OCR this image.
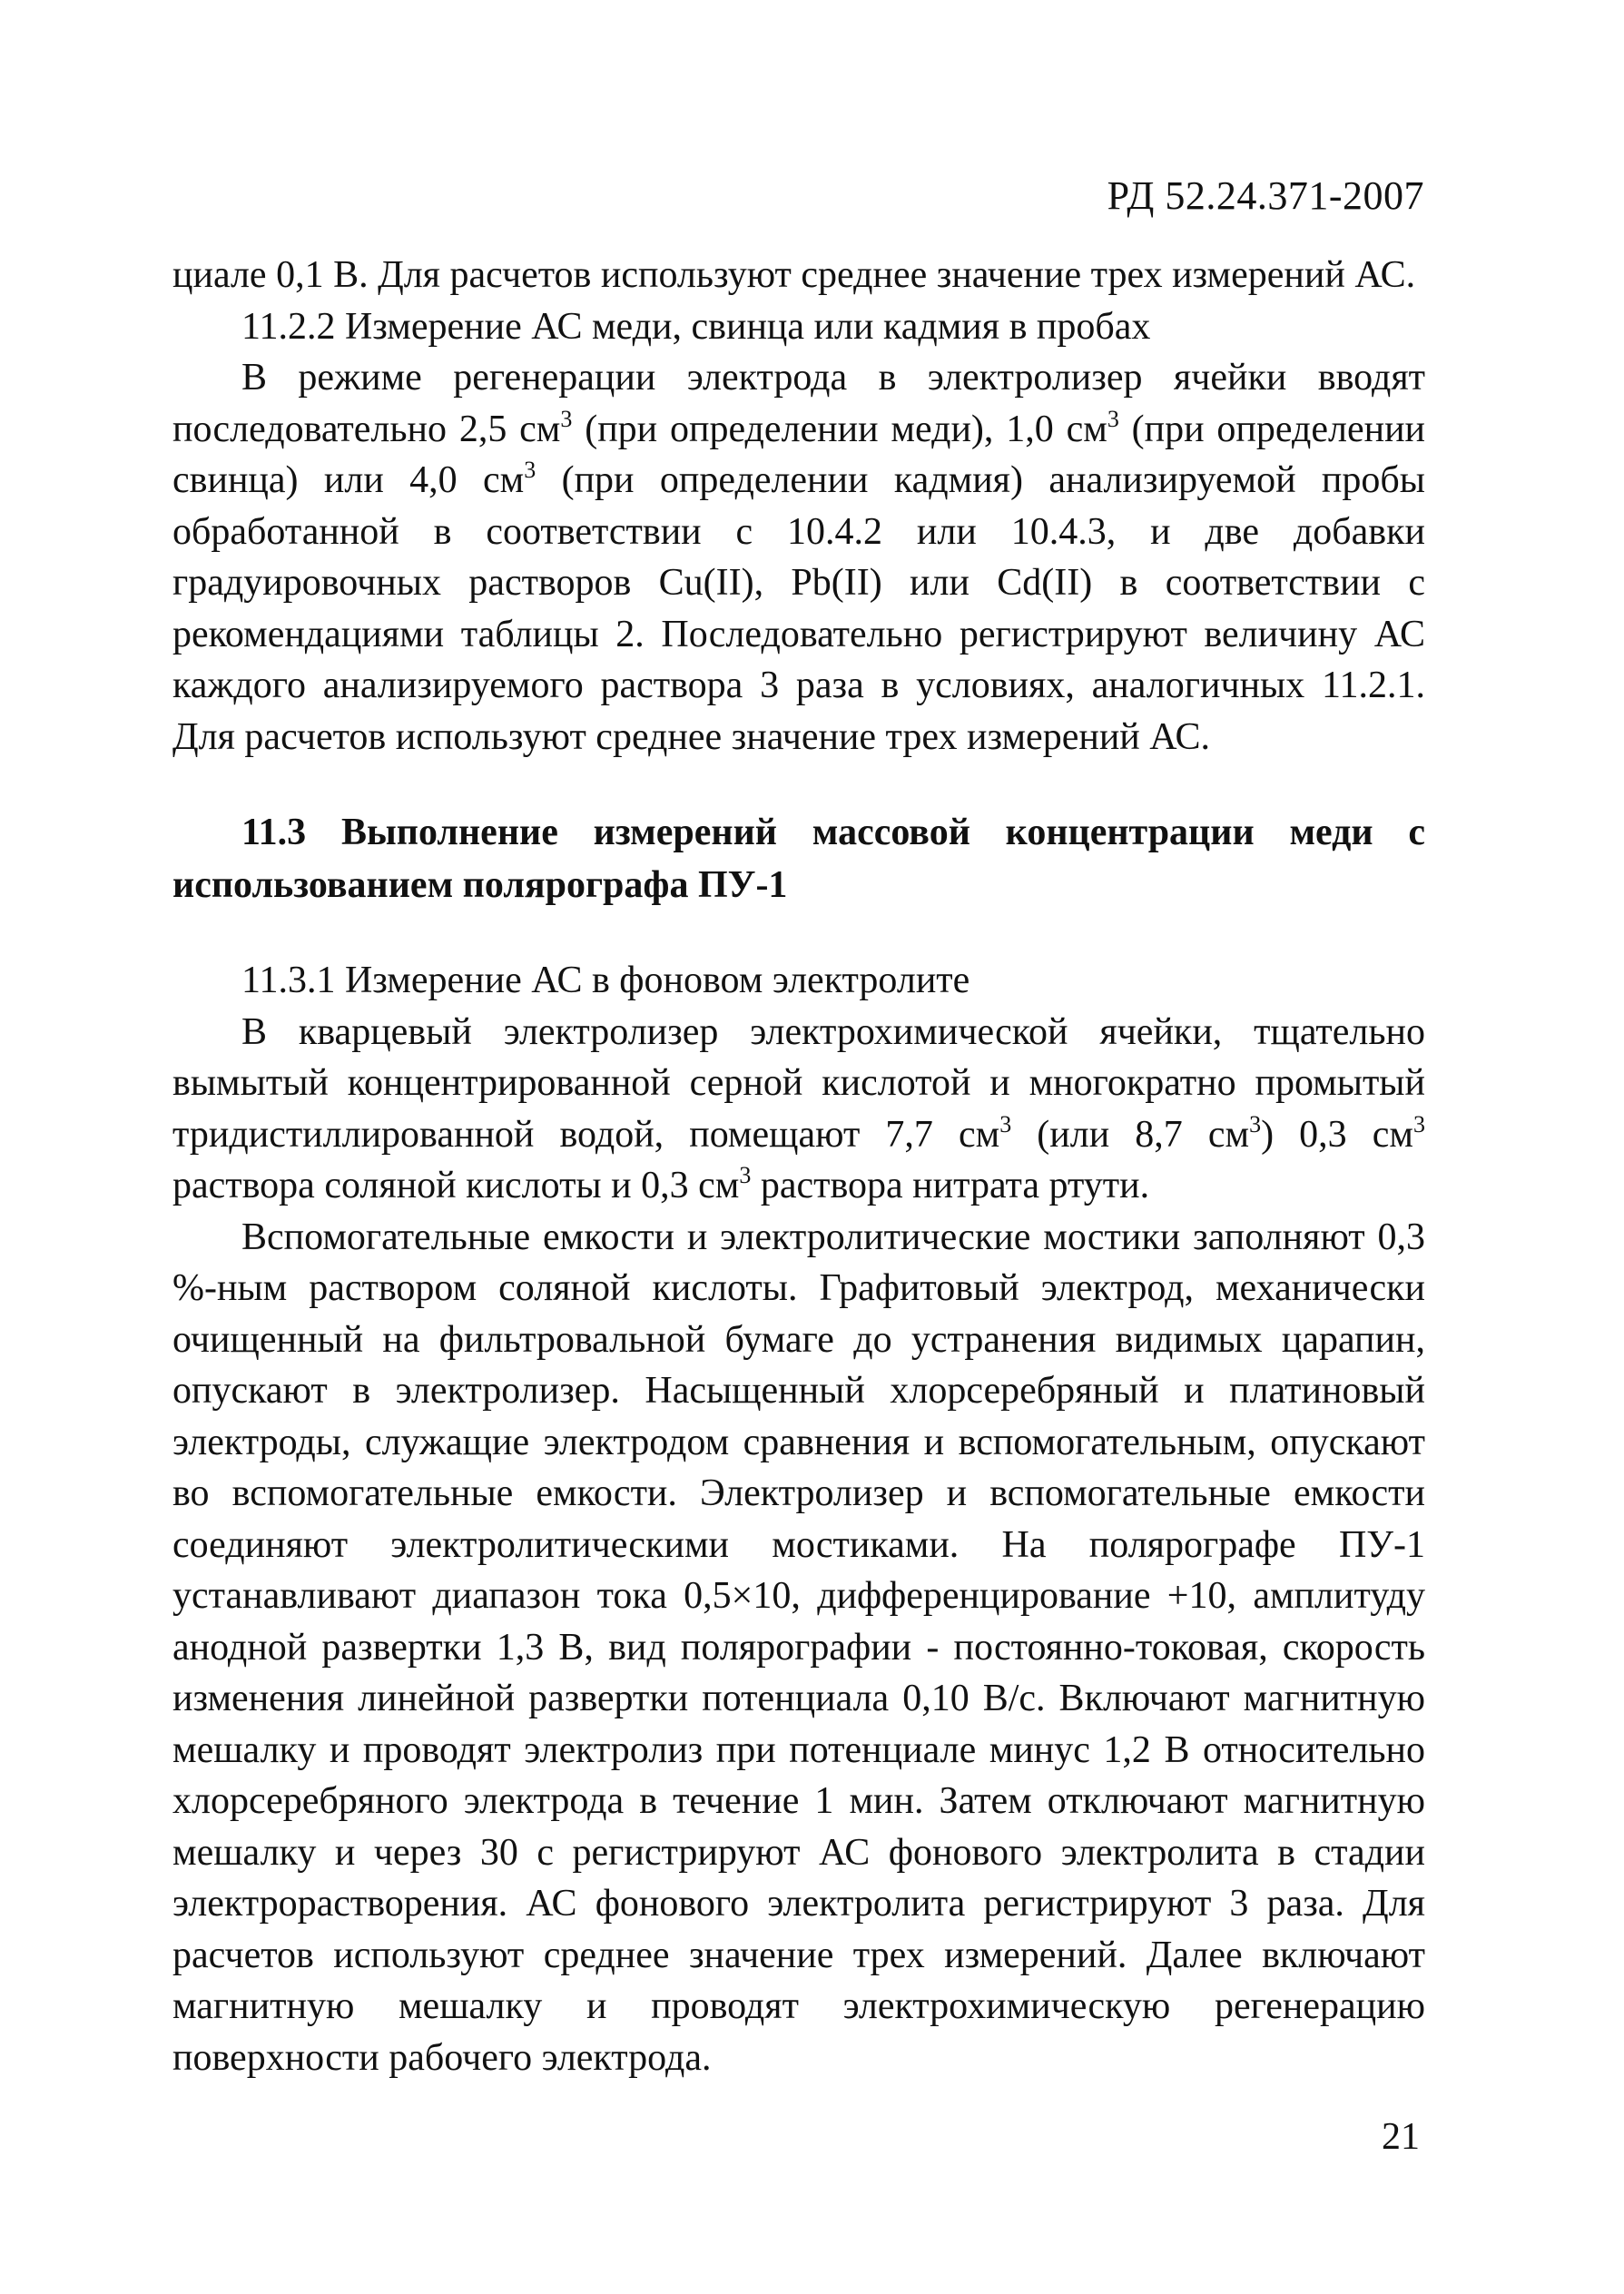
РД 52.24.371-2007

циале 0,1 В. Для расчетов используют среднее значение трех измерений АС.

11.2.2 Измерение АС меди, свинца или кадмия в пробах

В режиме регенерации электрода в электролизер ячейки вводят последовательно 2,5 $см^3$ (при определении меди), 1,0 $см^3$ (при определении свинца) или 4,0 $см^3$ (при определении кадмия) анализируемой пробы обработанной в соответствии с 10.4.2 или 10.4.3, и две добавки градуировочных растворов Cu(II), Pb(II) или Cd(II) в соответствии с рекомендациями таблицы 2. Последовательно регистрируют величину АС каждого анализируемого раствора 3 раза в условиях, аналогичных 11.2.1. Для расчетов используют среднее значение трех измерений АС.

11.3 Выполнение измерений массовой концентрации меди с использованием полярографа ПУ-1

11.3.1 Измерение АС в фоновом электролите

В кварцевый электролизер электрохимической ячейки, тщательно вымытый концентрированной серной кислотой и многократно промытый тридистиллированной водой, помещают 7,7 $см^3$ (или 8,7 $см^3$) 0,3 $см^3$ раствора соляной кислоты и 0,3 $см^3$ раствора нитрата ртути.

Вспомогательные емкости и электролитические мостики заполняют 0,3 %-ным раствором соляной кислоты. Графитовый электрод, механически очищенный на фильтровальной бумаге до устранения видимых царапин, опускают в электролизер. Насыщенный хлорсеребряный и платиновый электроды, служащие электродом сравнения и вспомогательным, опускают во вспомогательные емкости. Электролизер и вспомогательные емкости соединяют электролитическими мостиками. На полярографе ПУ-1 устанавливают диапазон тока 0,5×10, дифференцирование +10, амплитуду анодной развертки 1,3 В, вид полярографии - постоянно-токовая, скорость изменения линейной развертки потенциала 0,10 В/с. Включают магнитную мешалку и проводят электролиз при потенциале минус 1,2 В относительно хлорсеребряного электрода в течение 1 мин. Затем отключают магнитную мешалку и через 30 с регистрируют АС фонового электролита в стадии электрорастворения. АС фонового электролита регистрируют 3 раза. Для расчетов используют среднее значение трех измерений. Далее включают магнитную мешалку и проводят электрохимическую регенерацию поверхности рабочего электрода.

21
